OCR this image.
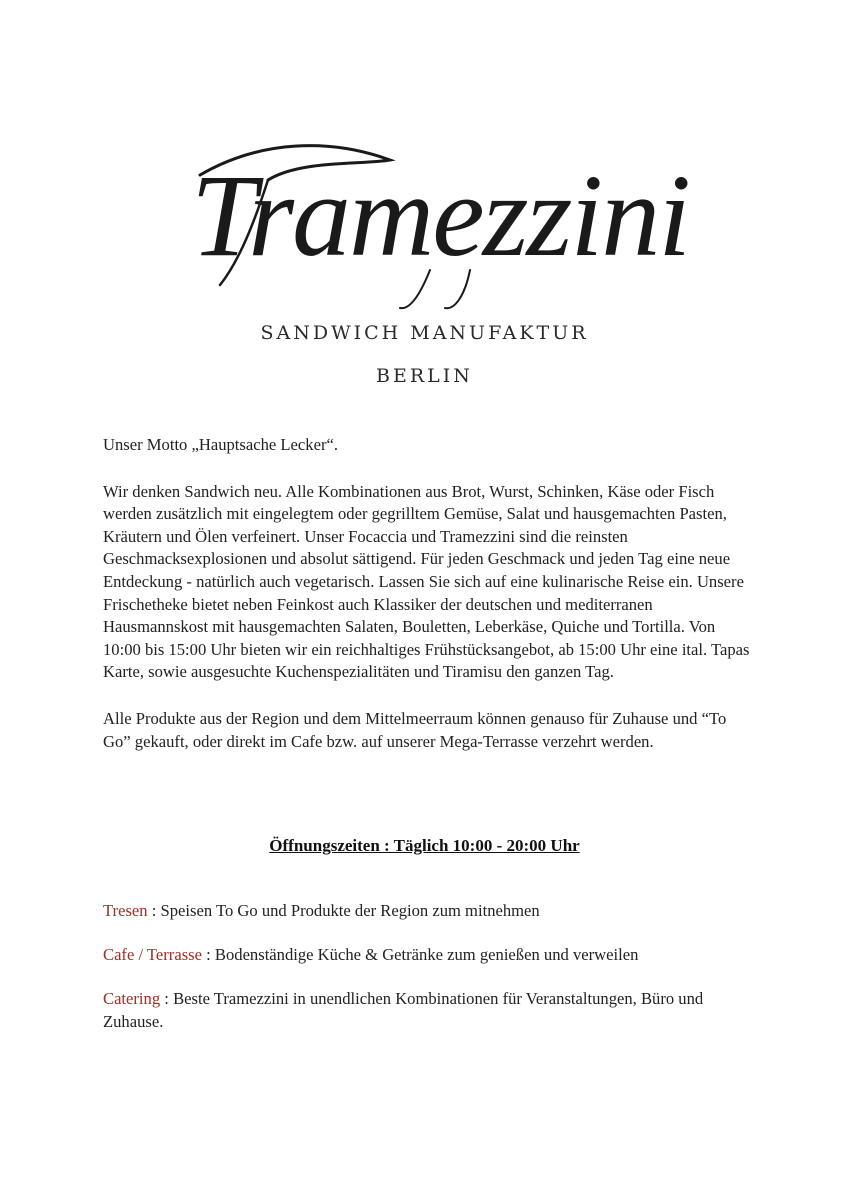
Tramezzini
SANDWICH MANUFAKTUR
BERLIN

Unser Motto „Hauptsache Lecker“.

Wir denken Sandwich neu. Alle Kombinationen aus Brot, Wurst, Schinken, Käse oder Fisch werden zusätzlich mit eingelegtem oder gegrilltem Gemüse, Salat und hausgemachten Pasten, Kräutern und Ölen verfeinert. Unser Focaccia und Tramezzini sind die reinsten Geschmacksexplosionen und absolut sättigend. Für jeden Geschmack und jeden Tag eine neue Entdeckung - natürlich auch vegetarisch. Lassen Sie sich auf eine kulinarische Reise ein. Unsere Frischetheke bietet neben Feinkost auch Klassiker der deutschen und mediterranen Hausmannskost mit hausgemachten Salaten, Bouletten, Leberkäse, Quiche und Tortilla. Von 10:00 bis 15:00 Uhr bieten wir ein reichhaltiges Frühstücksangebot, ab 15:00 Uhr eine ital. Tapas Karte, sowie ausgesuchte Kuchenspezialitäten und Tiramisu den ganzen Tag.

Alle Produkte aus der Region und dem Mittelmeerraum können genauso für Zuhause und “To Go” gekauft, oder direkt im Cafe bzw. auf unserer Mega-Terrasse verzehrt werden.

Öffnungszeiten : Täglich 10:00 - 20:00 Uhr
Tresen : Speisen To Go und Produkte der Region zum mitnehmen
Cafe / Terrasse : Bodenständige Küche & Getränke zum genießen und verweilen
Catering : Beste Tramezzini in unendlichen Kombinationen für Veranstaltungen, Büro und Zuhause.
